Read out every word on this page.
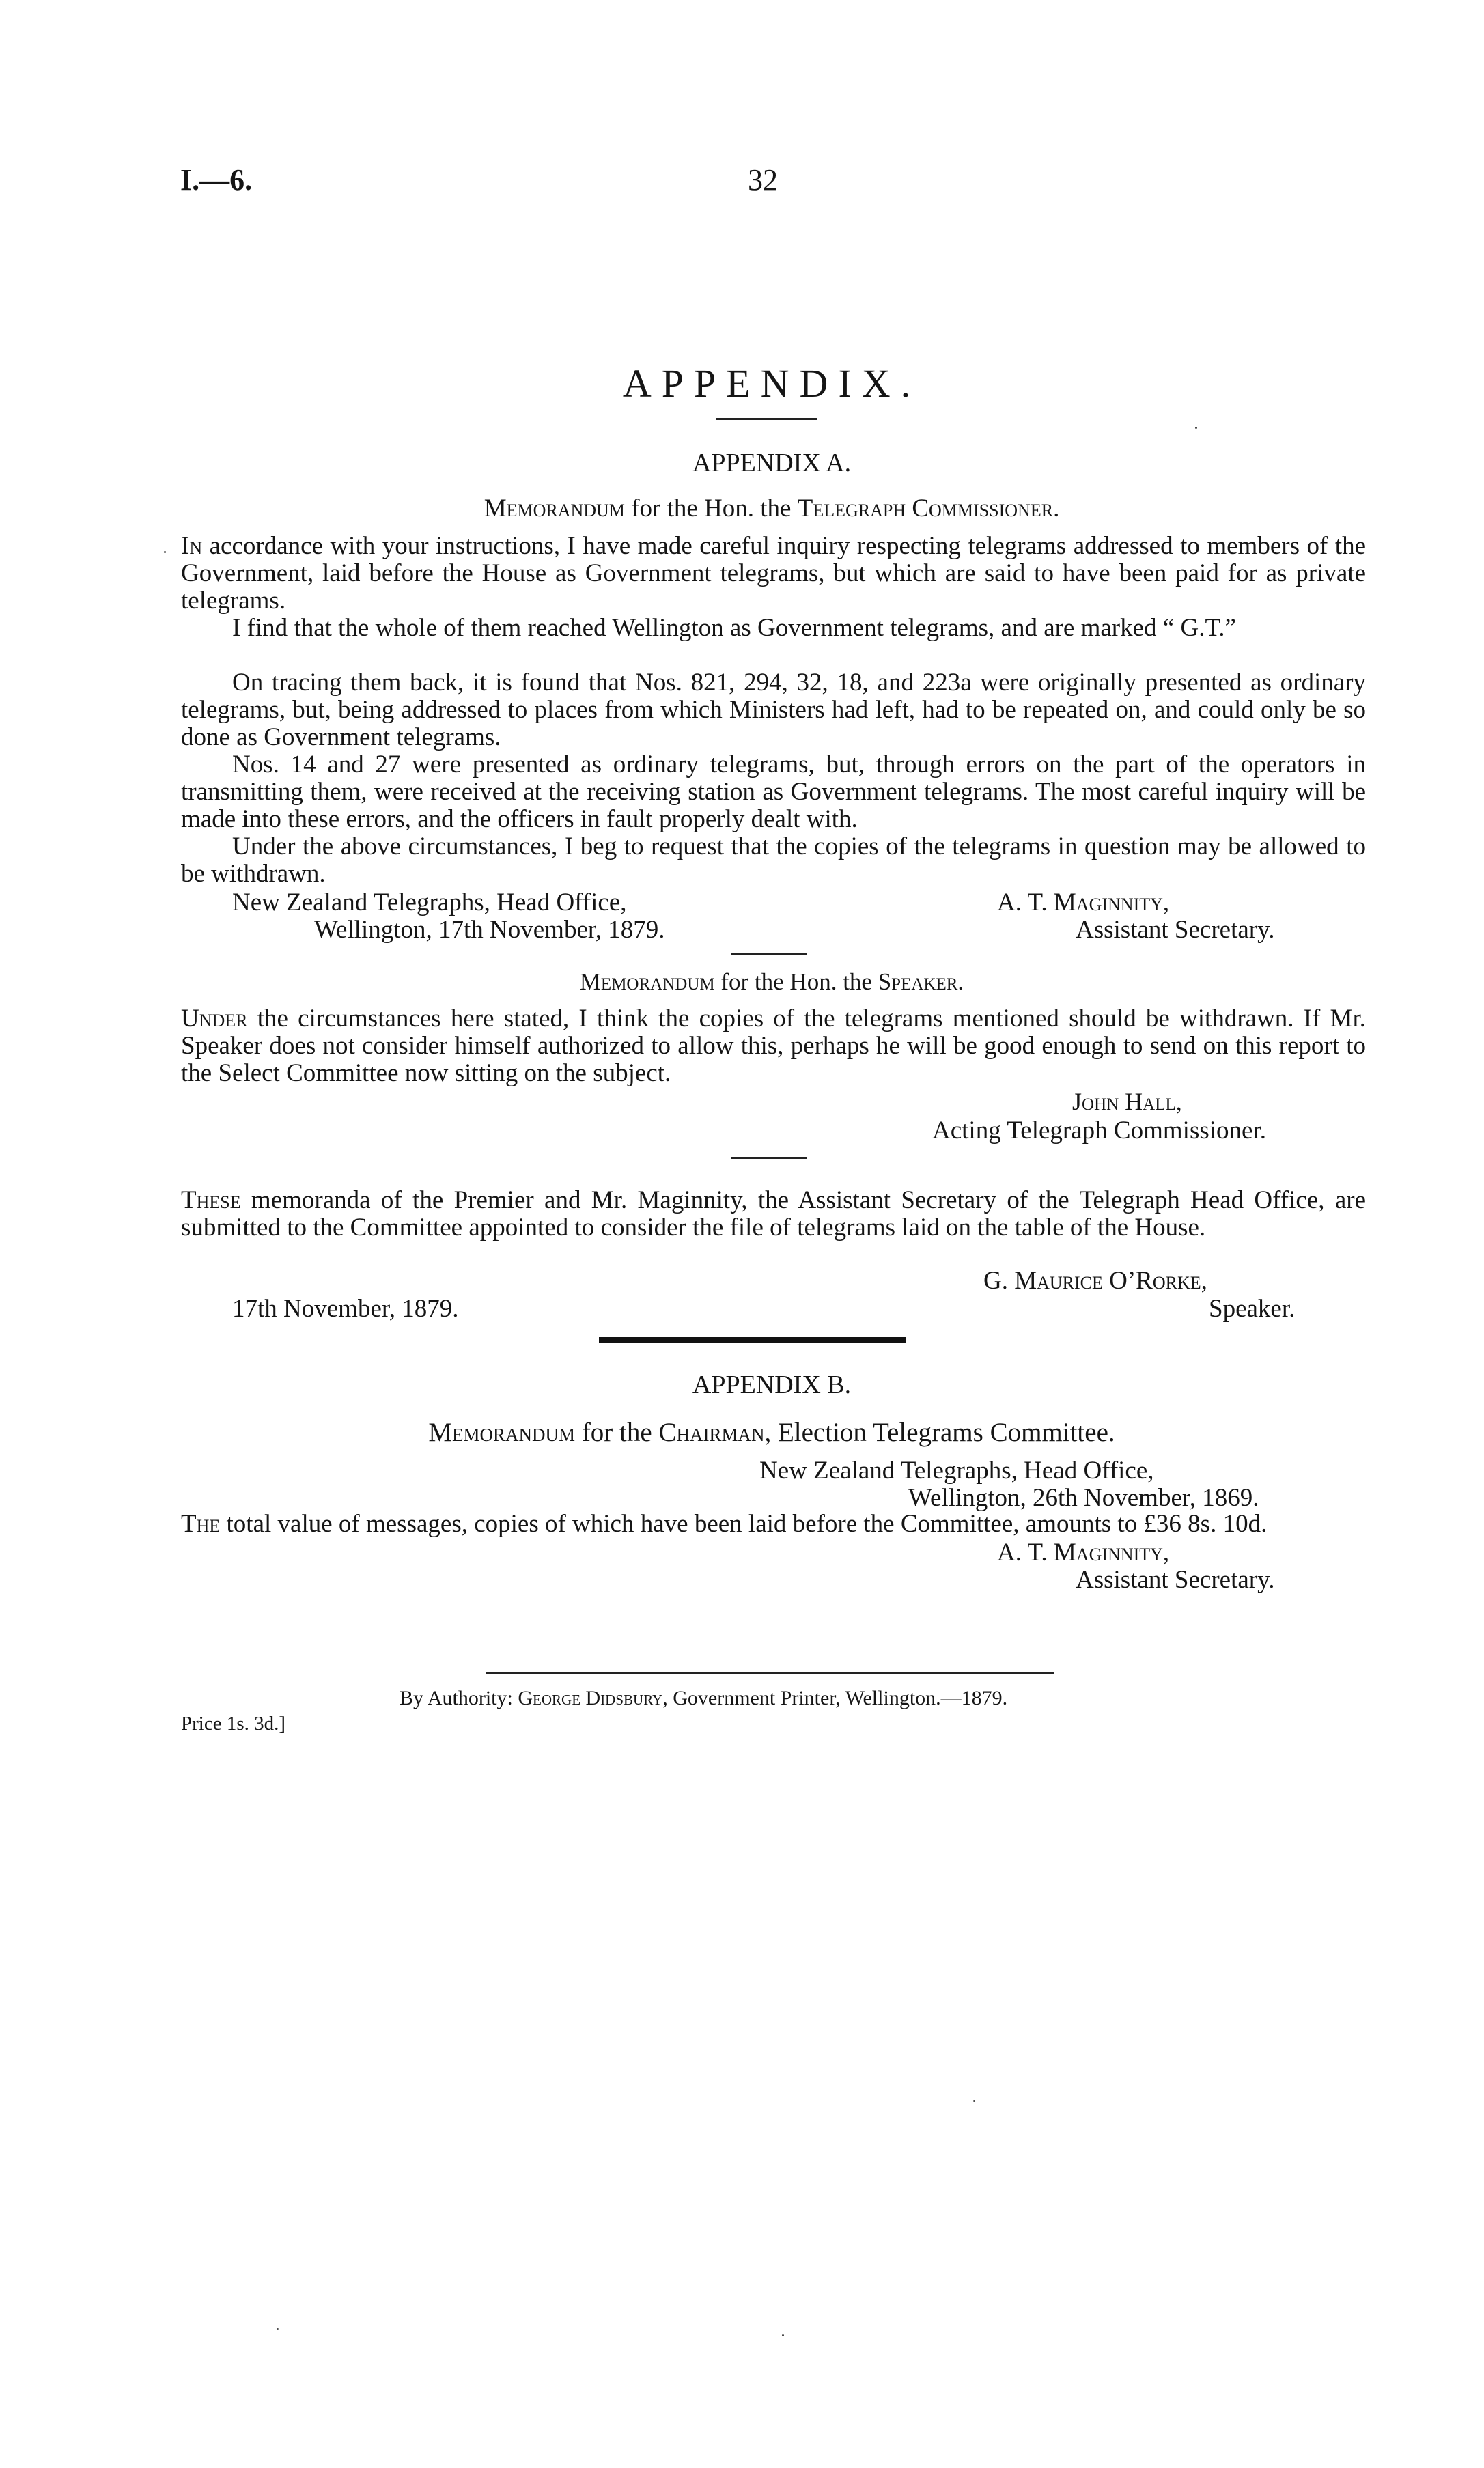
I.—6.	32
APPENDIX.
APPENDIX A.
Memorandum for the Hon. the Telegraph Commissioner.

In accordance with your instructions, I have made careful inquiry respecting telegrams addressed to members of the Government, laid before the House as Government telegrams, but which are said to have been paid for as private telegrams.

I find that the whole of them reached Wellington as Government telegrams, and are marked “ G.T.”

On tracing them back, it is found that Nos. 821, 294, 32, 18, and 223a were originally presented as ordinary telegrams, but, being addressed to places from which Ministers had left, had to be repeated on, and could only be so done as Government telegrams.

Nos. 14 and 27 were presented as ordinary telegrams, but, through errors on the part of the operators in transmitting them, were received at the receiving station as Government telegrams. The most careful inquiry will be made into these errors, and the officers in fault properly dealt with.

Under the above circumstances, I beg to request that the copies of the telegrams in question may be allowed to be withdrawn.

New Zealand Telegraphs, Head Office,
Wellington, 17th November, 1879.
A. T. Maginnity,
Assistant Secretary.
Memorandum for the Hon. the Speaker.

Under the circumstances here stated, I think the copies of the telegrams mentioned should be withdrawn. If Mr. Speaker does not consider himself authorized to allow this, perhaps he will be good enough to send on this report to the Select Committee now sitting on the subject.

John Hall,
Acting Telegraph Commissioner.

These memoranda of the Premier and Mr. Maginnity, the Assistant Secretary of the Telegraph Head Office, are submitted to the Committee appointed to consider the file of telegrams laid on the table of the House.

G. Maurice O’Rorke,
17th November, 1879.	Speaker.
APPENDIX B.
Memorandum for the Chairman, Election Telegrams Committee.
New Zealand Telegraphs, Head Office,
Wellington, 26th November, 1869.

The total value of messages, copies of which have been laid before the Committee, amounts to £36 8s. 10d.

A. T. Maginnity,
Assistant Secretary.
By Authority: George Didsbury, Government Printer, Wellington.—1879.
Price 1s. 3d.]
